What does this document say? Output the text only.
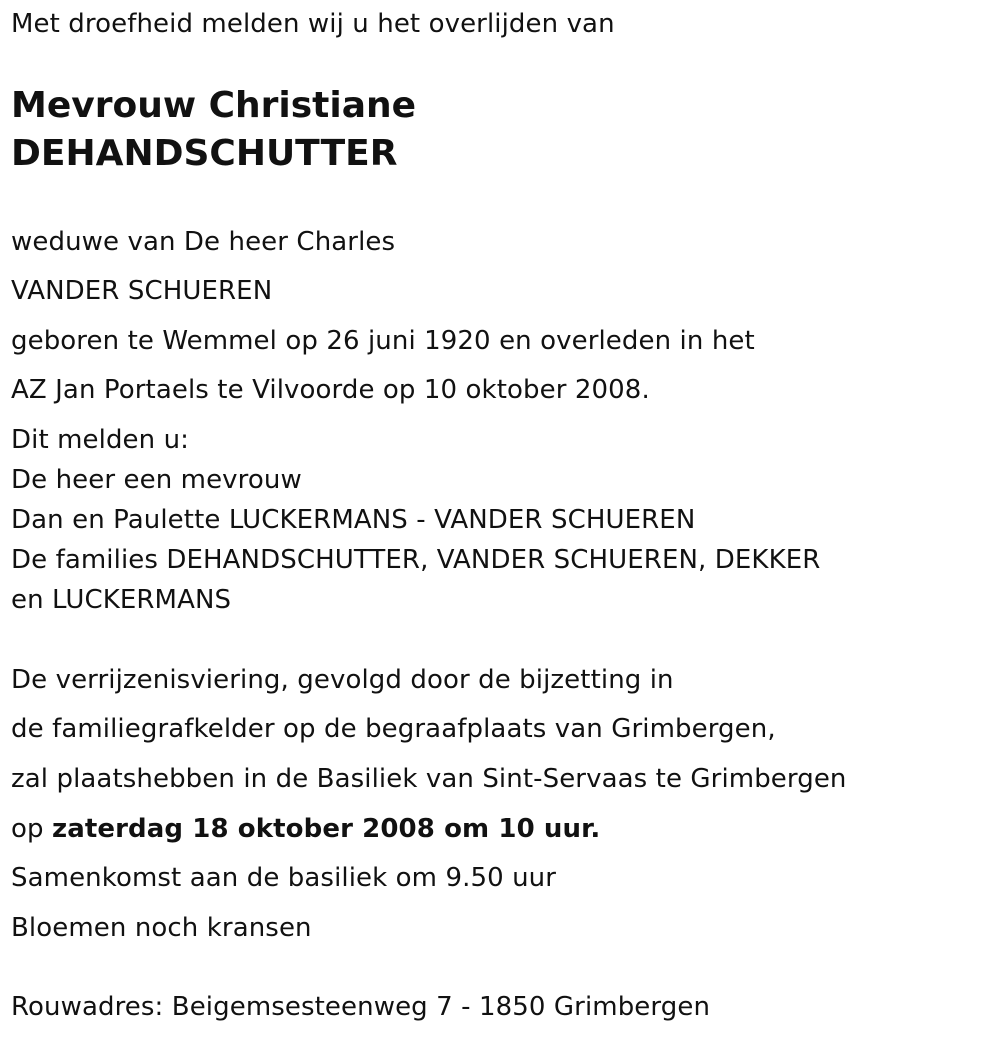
Met droefheid melden wij u het overlijden van
Mevrouw Christiane
DEHANDSCHUTTER
weduwe van De heer Charles
VANDER SCHUEREN
geboren te Wemmel op 26 juni 1920 en overleden in het
AZ Jan Portaels te Vilvoorde op 10 oktober 2008.
Dit melden u:
De heer een mevrouw
Dan en Paulette LUCKERMANS - VANDER SCHUEREN
De families DEHANDSCHUTTER, VANDER SCHUEREN, DEKKER
en LUCKERMANS
De verrijzenisviering, gevolgd door de bijzetting in
de familiegrafkelder op de begraafplaats van Grimbergen,
zal plaatshebben in de Basiliek van Sint-Servaas te Grimbergen
op zaterdag 18 oktober 2008 om 10 uur.
Samenkomst aan de basiliek om 9.50 uur
Bloemen noch kransen
Rouwadres: Beigemsesteenweg 7 - 1850 Grimbergen
